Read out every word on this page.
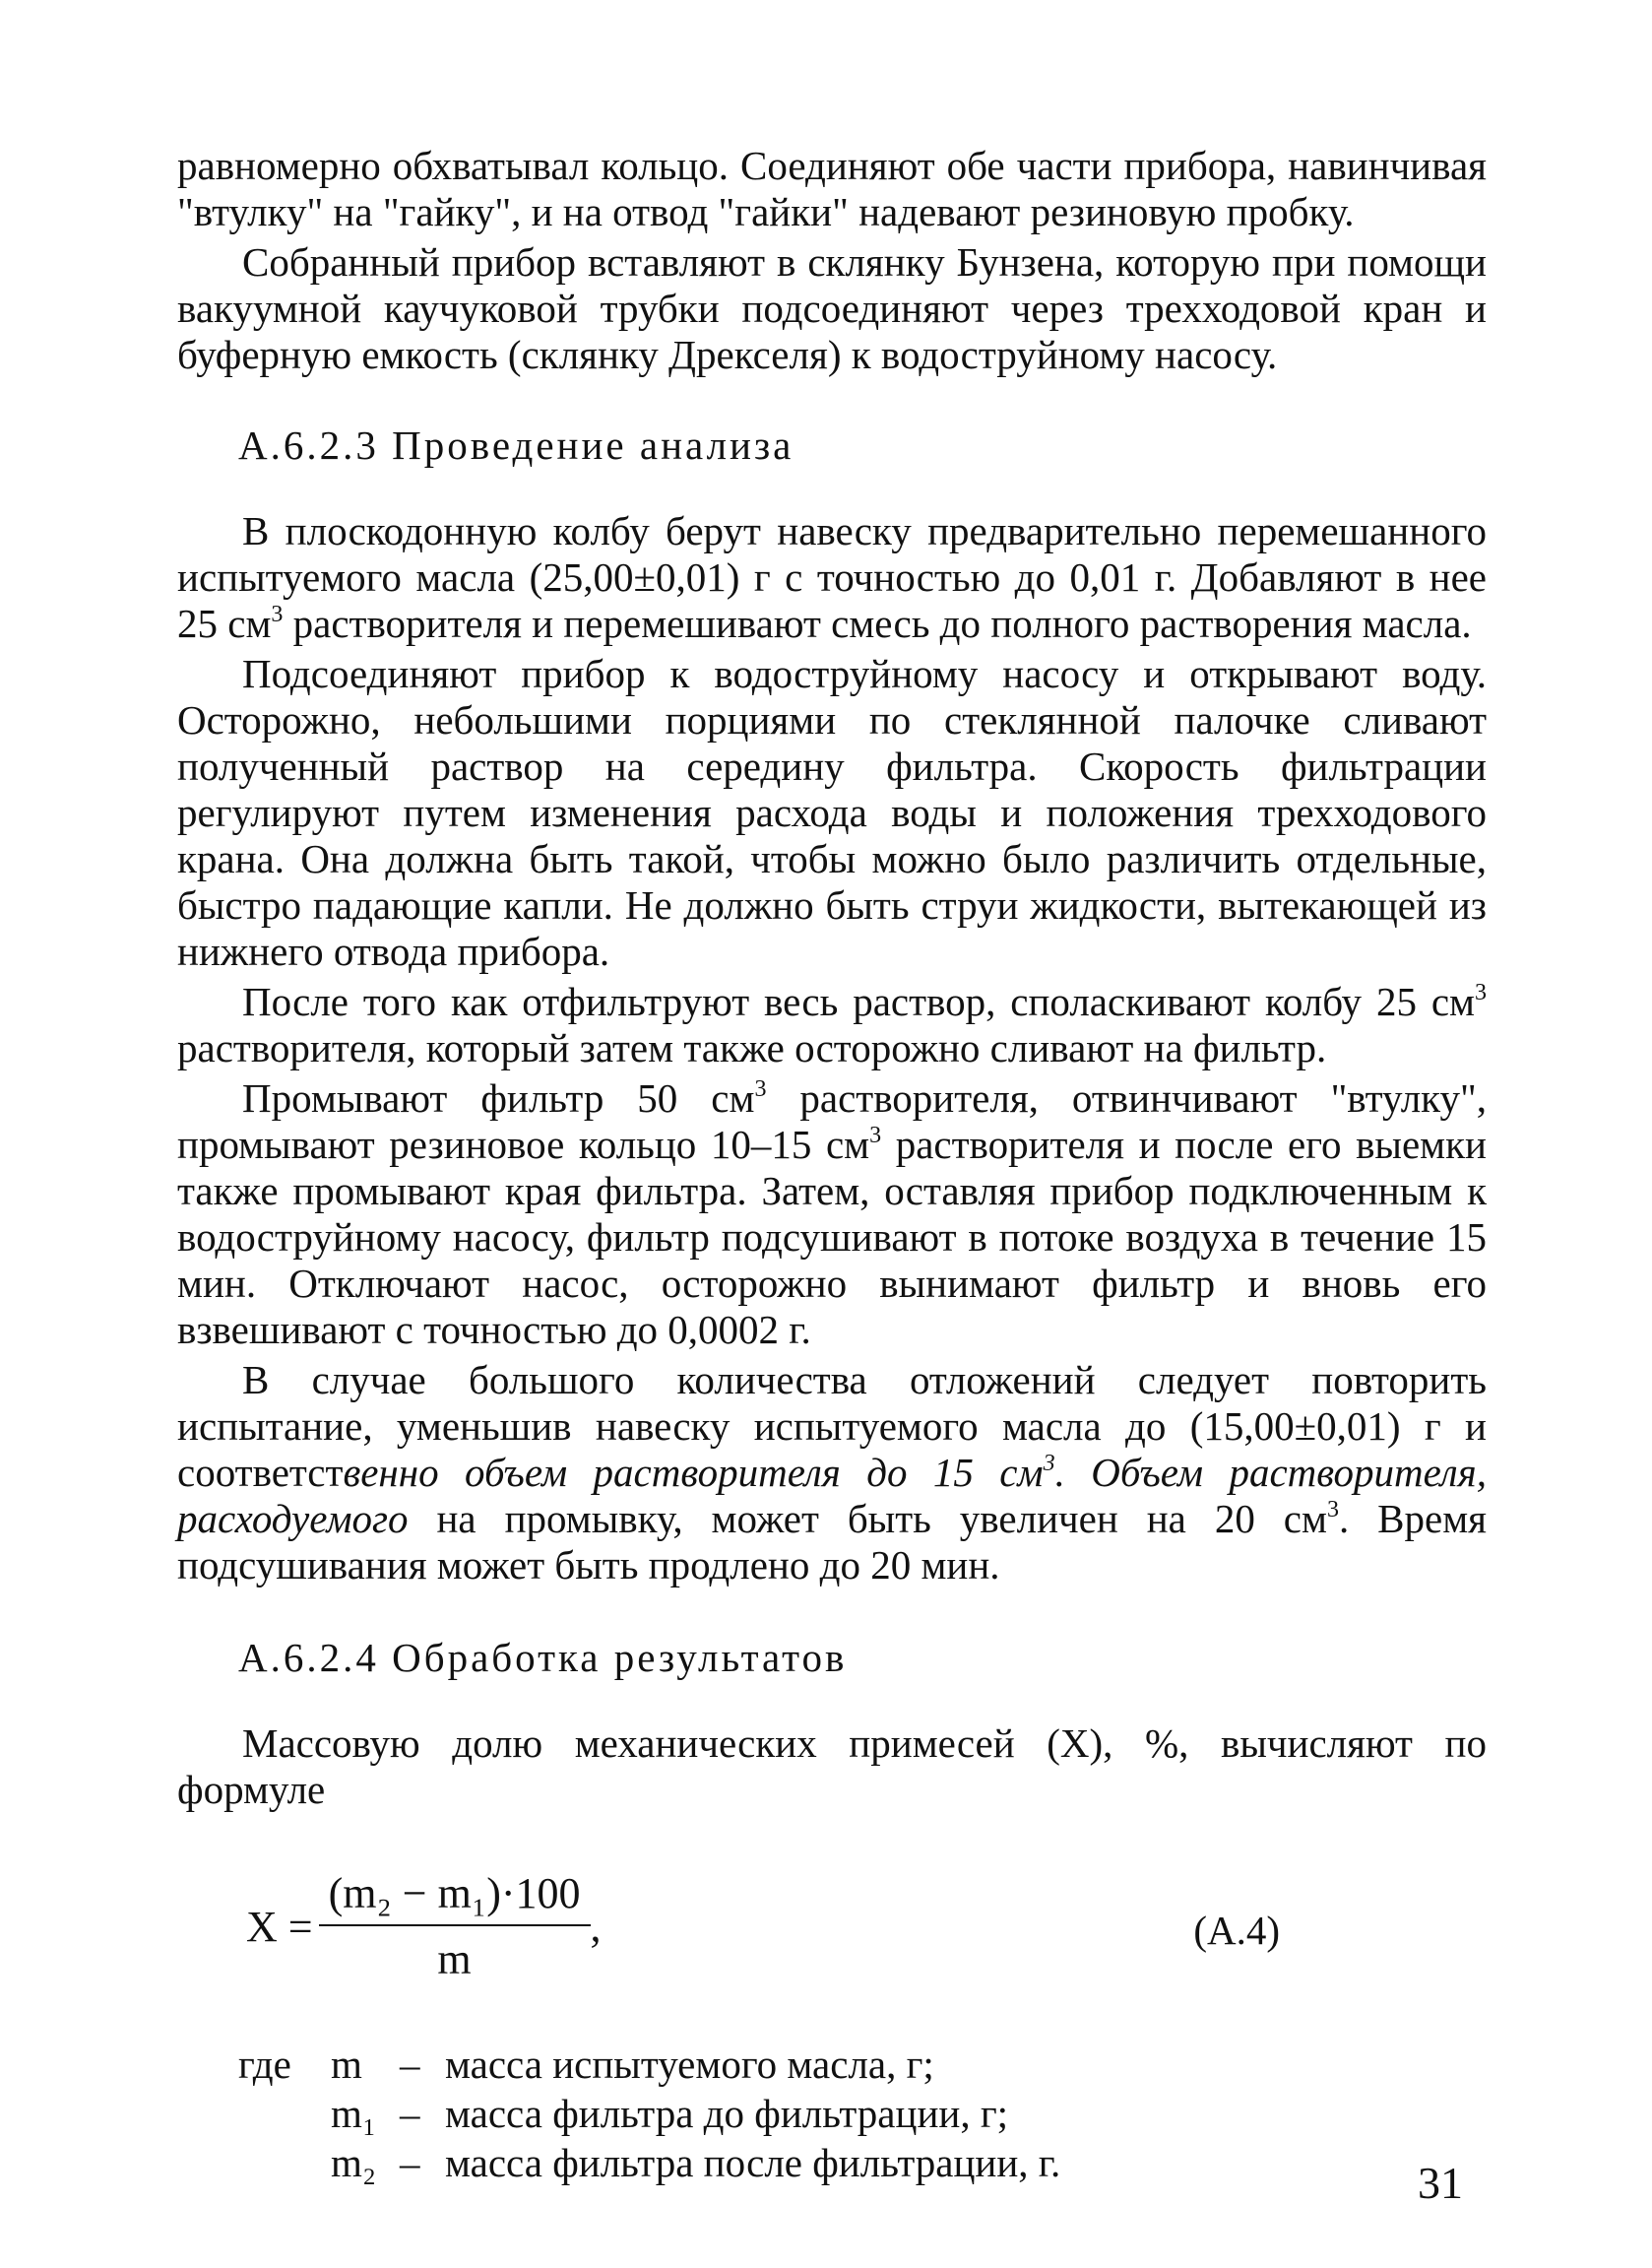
равномерно обхватывал кольцо. Соединяют обе части прибора, навинчивая "втулку" на "гайку", и на отвод "гайки" надевают резиновую пробку.

Собранный прибор вставляют в склянку Бунзена, которую при помощи вакуумной каучуковой трубки подсоединяют через трехходовой кран и буферную емкость (склянку Дрекселя) к водоструйному насосу.

А.6.2.3 Проведение анализа

В плоскодонную колбу берут навеску предварительно перемешанного испытуемого масла (25,00±0,01) г с точностью до 0,01 г. Добавляют в нее 25 $см^3$ растворителя и перемешивают смесь до полного растворения масла.

Подсоединяют прибор к водоструйному насосу и открывают воду. Осторожно, небольшими порциями по стеклянной палочке сливают полученный раствор на середину фильтра. Скорость фильтрации регулируют путем изменения расхода воды и положения трехходового крана. Она должна быть такой, чтобы можно было различить отдельные, быстро падающие капли. Не должно быть струи жидкости, вытекающей из нижнего отвода прибора.

После того как отфильтруют весь раствор, споласкивают колбу 25 $см^3$ растворителя, который затем также осторожно сливают на фильтр.

Промывают фильтр 50 $см^3$ растворителя, отвинчивают "втулку", промывают резиновое кольцо 10–15 $см^3$ растворителя и после его выемки также промывают края фильтра. Затем, оставляя прибор подключенным к водоструйному насосу, фильтр подсушивают в потоке воздуха в течение 15 мин. Отключают насос, осторожно вынимают фильтр и вновь его взвешивают с точностью до 0,0002 г.

В случае большого количества отложений следует повторить испытание, уменьшив навеску испытуемого масла до (15,00±0,01) г и соответственно объем растворителя до 15 $см^3$. Объем растворителя, расходуемого на промывку, может быть увеличен на 20 $см^3$. Время подсушивания может быть продлено до 20 мин.

А.6.2.4 Обработка результатов

Массовую долю механических примесей (X), %, вычисляют по формуле

$X = \frac{\text{(m₂ − m₁)·100}}{m}$ ,	(А.4)
где m – масса испытуемого масла, г;
m₁ – масса фильтра до фильтрации, г;
m₂ – масса фильтра после фильтрации, г.	31
